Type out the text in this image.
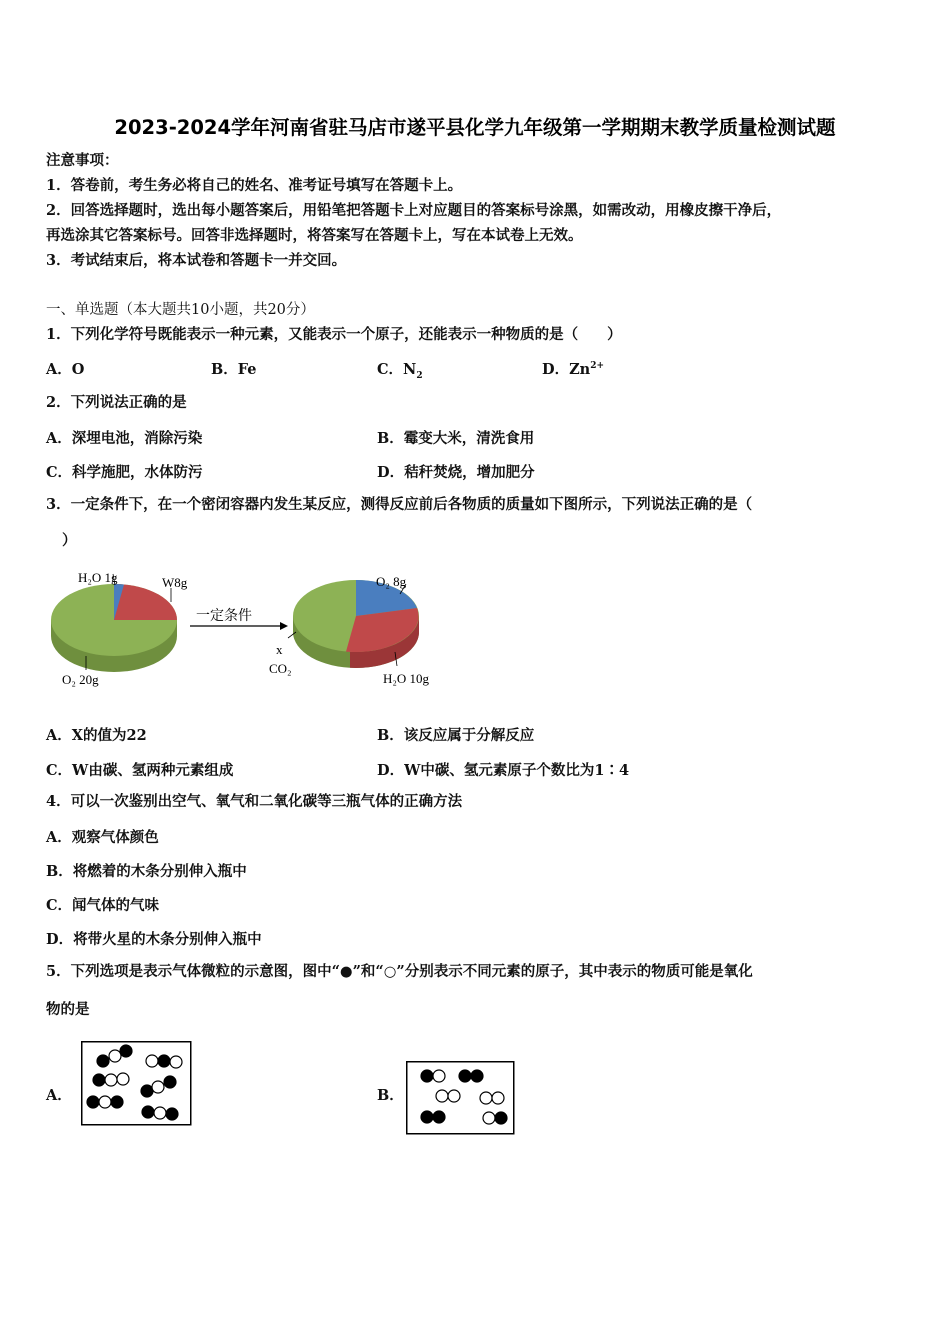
2023-2024学年河南省驻马店市遂平县化学九年级第一学期期末教学质量检测试题
注意事项：
1．答卷前，考生务必将自己的姓名、准考证号填写在答题卡上。
2．回答选择题时，选出每小题答案后，用铅笔把答题卡上对应题目的答案标号涂黑，如需改动，用橡皮擦干净后，
再选涂其它答案标号。回答非选择题时，将答案写在答题卡上，写在本试卷上无效。
3．考试结束后，将本试卷和答题卡一并交回。
一、单选题（本大题共10小题，共20分）
1．下列化学符号既能表示一种元素，又能表示一个原子，还能表示一种物质的是（　　）
A．O	B．Fe	C．$N_2$	D．$Zn^{2+}$
2．下列说法正确的是
A．深埋电池，消除污染	B．霉变大米，清洗食用
C．科学施肥，水体防污	D．秸秆焚烧，增加肥分
3．一定条件下，在一个密闭容器内发生某反应，测得反应前后各物质的质量如下图所示，下列说法正确的是（
）
H₂O 1g	W8g
O₂ 20g
一定条件
O₂ 8g
x
CO₂
H₂O 10g
A．X的值为22	B．该反应属于分解反应
C．W由碳、氢两种元素组成	D．W中碳、氢元素原子个数比为1∶4
4．可以一次鉴别出空气、氧气和二氧化碳等三瓶气体的正确方法
A．观察气体颜色
B．将燃着的木条分别伸入瓶中
C．闻气体的气味
D．将带火星的木条分别伸入瓶中
5．下列选项是表示气体微粒的示意图，图中“●”和“○”分别表示不同元素的原子，其中表示的物质可能是氧化
物的是
A．	B．
